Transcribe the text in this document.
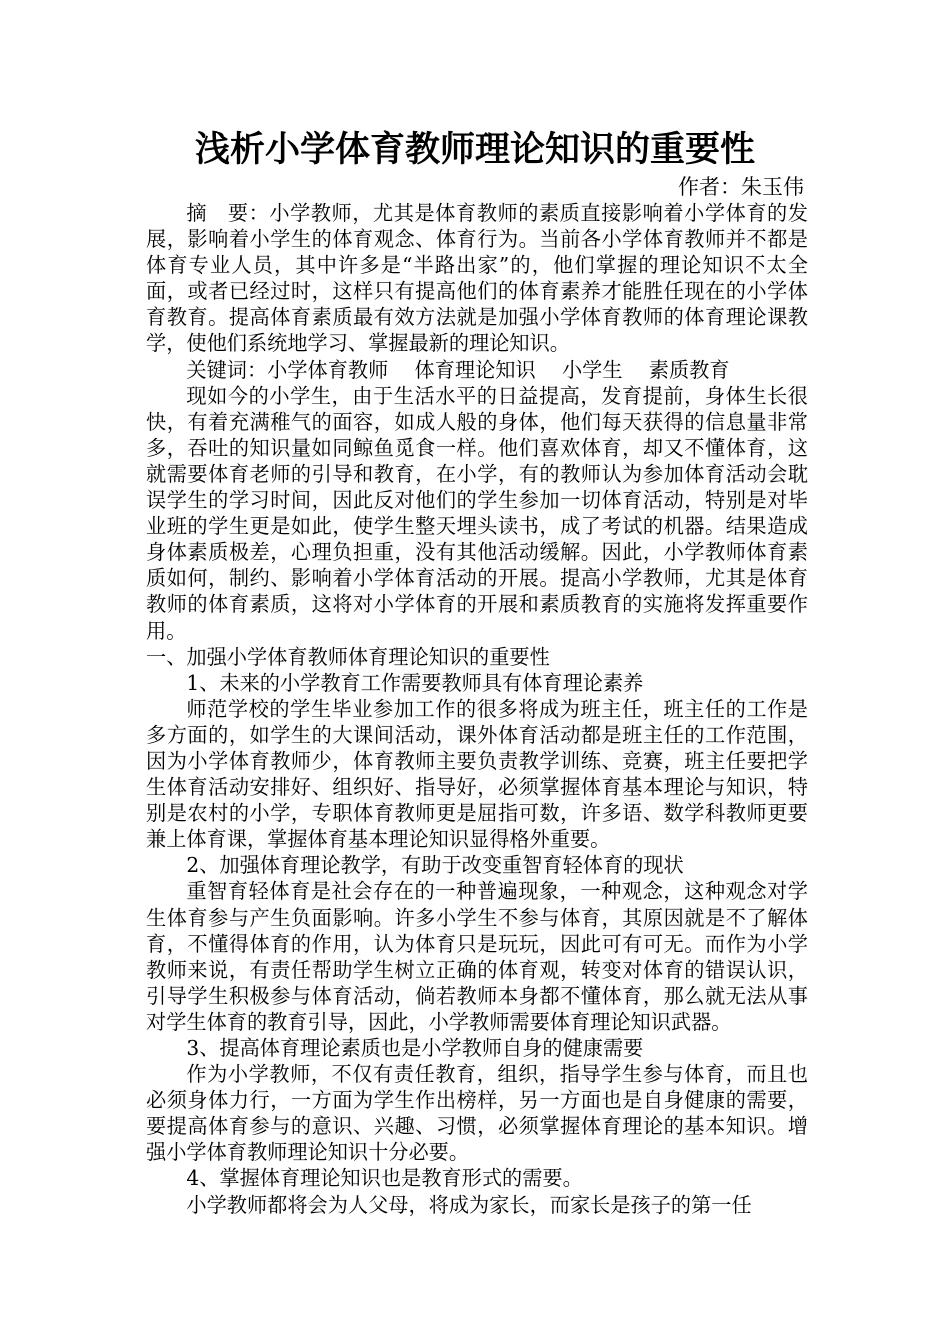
浅析小学体育教师理论知识的重要性
作者：朱玉伟

摘　要：小学教师，尤其是体育教师的素质直接影响着小学体育的发展，影响着小学生的体育观念、体育行为。当前各小学体育教师并不都是体育专业人员，其中许多是“半路出家”的，他们掌握的理论知识不太全面，或者已经过时，这样只有提高他们的体育素养才能胜任现在的小学体育教育。提高体育素质最有效方法就是加强小学体育教师的体育理论课教学，使他们系统地学习、掌握最新的理论知识。

关键词：小学体育教师 体育理论知识 小学生 素质教育

现如今的小学生，由于生活水平的日益提高，发育提前，身体生长很快，有着充满稚气的面容，如成人般的身体，他们每天获得的信息量非常多，吞吐的知识量如同鲸鱼觅食一样。他们喜欢体育，却又不懂体育，这就需要体育老师的引导和教育，在小学，有的教师认为参加体育活动会耽误学生的学习时间，因此反对他们的学生参加一切体育活动，特别是对毕业班的学生更是如此，使学生整天埋头读书，成了考试的机器。结果造成身体素质极差，心理负担重，没有其他活动缓解。因此，小学教师体育素质如何，制约、影响着小学体育活动的开展。提高小学教师，尤其是体育教师的体育素质，这将对小学体育的开展和素质教育的实施将发挥重要作用。

一、加强小学体育教师体育理论知识的重要性

1、未来的小学教育工作需要教师具有体育理论素养

师范学校的学生毕业参加工作的很多将成为班主任，班主任的工作是多方面的，如学生的大课间活动，课外体育活动都是班主任的工作范围，因为小学体育教师少，体育教师主要负责教学训练、竞赛，班主任要把学生体育活动安排好、组织好、指导好，必须掌握体育基本理论与知识，特别是农村的小学，专职体育教师更是屈指可数，许多语、数学科教师更要兼上体育课，掌握体育基本理论知识显得格外重要。

2、加强体育理论教学，有助于改变重智育轻体育的现状

重智育轻体育是社会存在的一种普遍现象，一种观念，这种观念对学生体育参与产生负面影响。许多小学生不参与体育，其原因就是不了解体育，不懂得体育的作用，认为体育只是玩玩，因此可有可无。而作为小学教师来说，有责任帮助学生树立正确的体育观，转变对体育的错误认识，引导学生积极参与体育活动，倘若教师本身都不懂体育，那么就无法从事对学生体育的教育引导，因此，小学教师需要体育理论知识武器。

3、提高体育理论素质也是小学教师自身的健康需要

作为小学教师，不仅有责任教育，组织，指导学生参与体育，而且也必须身体力行，一方面为学生作出榜样，另一方面也是自身健康的需要，要提高体育参与的意识、兴趣、习惯，必须掌握体育理论的基本知识。增强小学体育教师理论知识十分必要。

4、掌握体育理论知识也是教育形式的需要。

小学教师都将会为人父母，将成为家长，而家长是孩子的第一任
